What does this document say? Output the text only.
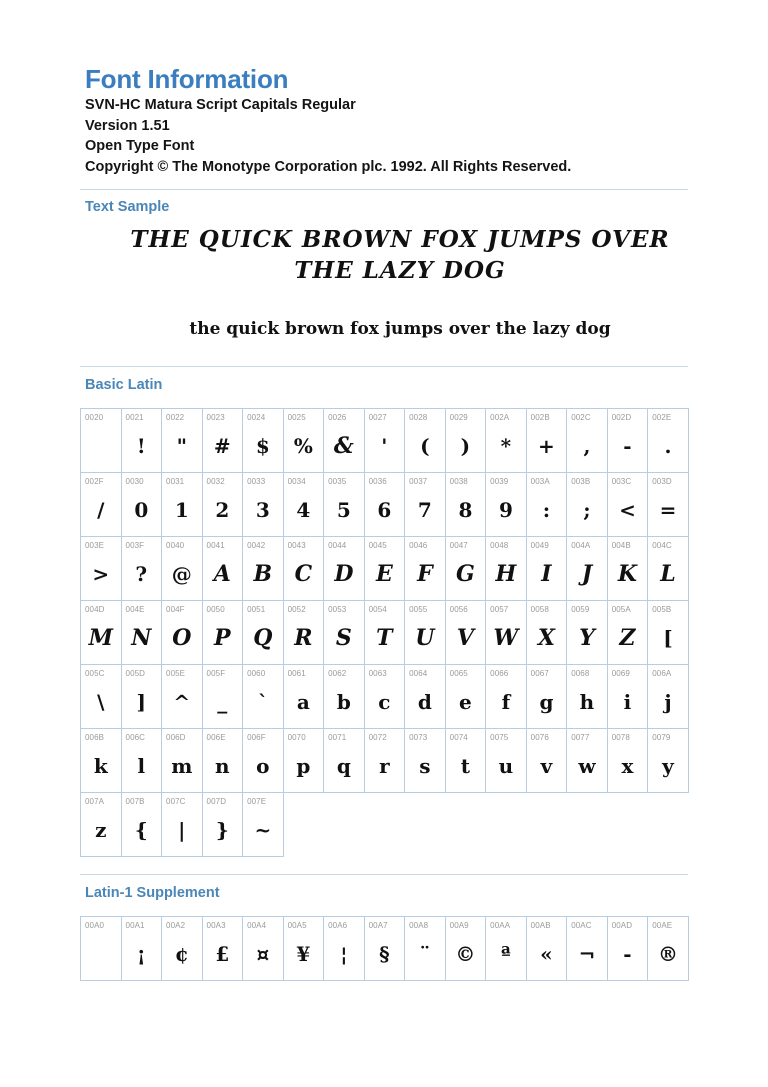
Font Information
SVN-HC Matura Script Capitals Regular
Version 1.51
Open Type Font
Copyright © The Monotype Corporation plc. 1992. All Rights Reserved.
Text Sample
THE QUICK BROWN FOX JUMPS OVER
THE LAZY DOG
the quick brown fox jumps over the lazy dog
Basic Latin
0020	0021
!
0022
"
0023
#
0024
$
0025
%
0026
&
0027
'
0028
(
0029
)
002A
*
002B
+
002C
,
002D
-
002E
.
002F
/
0030
0
0031
1
0032
2
0033
3
0034
4
0035
5
0036
6
0037
7
0038
8
0039
9
003A
:
003B
;
003C
<
003D
=
003E
>
003F
?
0040
@
0041
A
0042
B
0043
C
0044
D
0045
E
0046
F
0047
G
0048
H
0049
I
004A
J
004B
K
004C
L
004D
M
004E
N
004F
O
0050
P
0051
Q
0052
R
0053
S
0054
T
0055
U
0056
V
0057
W
0058
X
0059
Y
005A
Z
005B
[
005C
\
005D
]
005E
^
005F
_
0060
`
0061
a
0062
b
0063
c
0064
d
0065
e
0066
f
0067
g
0068
h
0069
i
006A
j
006B
k
006C
l
006D
m
006E
n
006F
o
0070
p
0071
q
0072
r
0073
s
0074
t
0075
u
0076
v
0077
w
0078
x
0079
y
007A
z
007B
{
007C
|
007D
}
007E
~
Latin-1 Supplement
00A0	00A1
¡
00A2
¢
00A3
£
00A4
¤
00A5
¥
00A6
¦
00A7
§
00A8
¨
00A9
©
00AA
ª
00AB
«
00AC
¬
00AD
-
00AE
®
